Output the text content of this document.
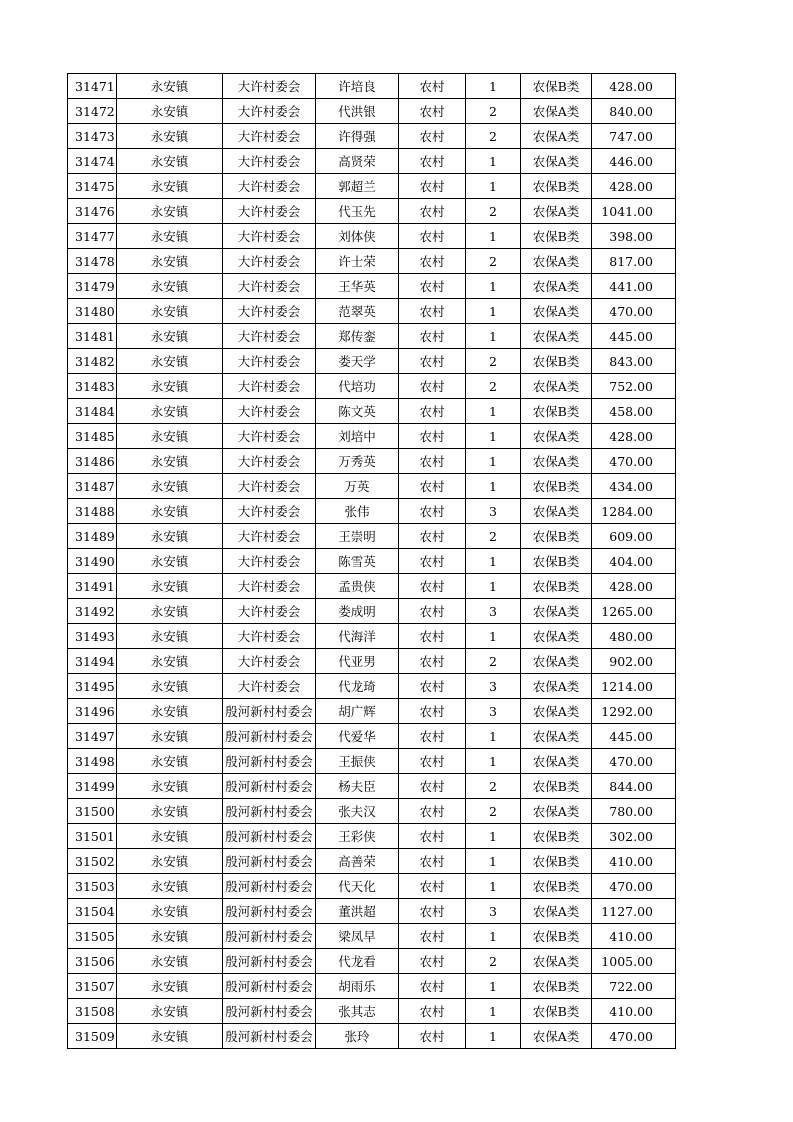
31471	永安镇	大许村委会	许培良	农村	1	农保B类	428.00
31472	永安镇	大许村委会	代洪银	农村	2	农保A类	840.00
31473	永安镇	大许村委会	许得强	农村	2	农保A类	747.00
31474	永安镇	大许村委会	高贤荣	农村	1	农保A类	446.00
31475	永安镇	大许村委会	郭超兰	农村	1	农保B类	428.00
31476	永安镇	大许村委会	代玉先	农村	2	农保A类	1041.00
31477	永安镇	大许村委会	刘体侠	农村	1	农保B类	398.00
31478	永安镇	大许村委会	许士荣	农村	2	农保A类	817.00
31479	永安镇	大许村委会	王华英	农村	1	农保A类	441.00
31480	永安镇	大许村委会	范翠英	农村	1	农保A类	470.00
31481	永安镇	大许村委会	郑传銮	农村	1	农保A类	445.00
31482	永安镇	大许村委会	娄天学	农村	2	农保B类	843.00
31483	永安镇	大许村委会	代培功	农村	2	农保A类	752.00
31484	永安镇	大许村委会	陈文英	农村	1	农保B类	458.00
31485	永安镇	大许村委会	刘培中	农村	1	农保A类	428.00
31486	永安镇	大许村委会	万秀英	农村	1	农保A类	470.00
31487	永安镇	大许村委会	万英	农村	1	农保B类	434.00
31488	永安镇	大许村委会	张伟	农村	3	农保A类	1284.00
31489	永安镇	大许村委会	王崇明	农村	2	农保B类	609.00
31490	永安镇	大许村委会	陈雪英	农村	1	农保B类	404.00
31491	永安镇	大许村委会	孟贵侠	农村	1	农保B类	428.00
31492	永安镇	大许村委会	娄成明	农村	3	农保A类	1265.00
31493	永安镇	大许村委会	代海洋	农村	1	农保A类	480.00
31494	永安镇	大许村委会	代亚男	农村	2	农保A类	902.00
31495	永安镇	大许村委会	代龙琦	农村	3	农保A类	1214.00
31496	永安镇	殷河新村村委会	胡广辉	农村	3	农保A类	1292.00
31497	永安镇	殷河新村村委会	代爱华	农村	1	农保A类	445.00
31498	永安镇	殷河新村村委会	王振侠	农村	1	农保A类	470.00
31499	永安镇	殷河新村村委会	杨夫臣	农村	2	农保B类	844.00
31500	永安镇	殷河新村村委会	张夫汉	农村	2	农保A类	780.00
31501	永安镇	殷河新村村委会	王彩侠	农村	1	农保B类	302.00
31502	永安镇	殷河新村村委会	高善荣	农村	1	农保B类	410.00
31503	永安镇	殷河新村村委会	代天化	农村	1	农保B类	470.00
31504	永安镇	殷河新村村委会	董洪超	农村	3	农保A类	1127.00
31505	永安镇	殷河新村村委会	梁凤早	农村	1	农保B类	410.00
31506	永安镇	殷河新村村委会	代龙看	农村	2	农保A类	1005.00
31507	永安镇	殷河新村村委会	胡雨乐	农村	1	农保B类	722.00
31508	永安镇	殷河新村村委会	张其志	农村	1	农保B类	410.00
31509	永安镇	殷河新村村委会	张玲	农村	1	农保A类	470.00
